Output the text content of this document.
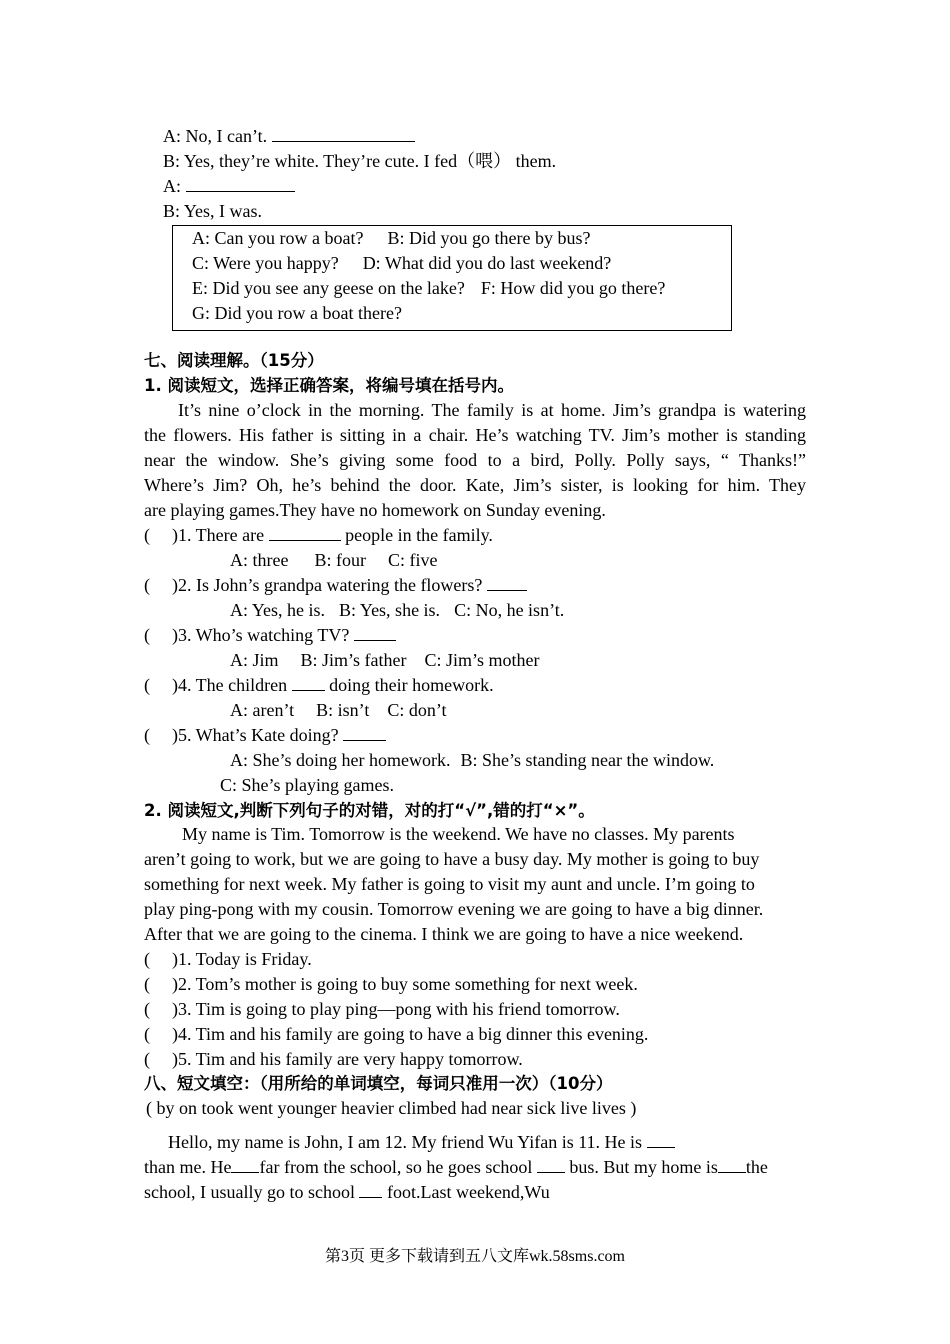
A: No, I can’t.
B: Yes, they’re white. They’re cute. I fed（喂） them.
A:
B: Yes, I was.
A: Can you row a boat? B: Did you go there by bus?
C: Were you happy? D: What did you do last weekend?
E: Did you see any geese on the lake? F: How did you go there?
G: Did you row a boat there?
七、阅读理解。（15分）
1. 阅读短文，选择正确答案，将编号填在括号内。
It’s nine o’clock in the morning. The family is at home. Jim’s grandpa is watering
the flowers. His father is sitting in a chair. He’s watching TV. Jim’s mother is standing
near the window. She’s giving some food to a bird, Polly. Polly says, “ Thanks!”
Where’s Jim? Oh, he’s behind the door. Kate, Jim’s sister, is looking for him. They
are playing games.They have no homework on Sunday evening.
( )1. There are	people in the family.
A: three B: four C: five
( )2. Is John’s grandpa watering the flowers?
A: Yes, he is. B: Yes, she is. C: No, he isn’t.
( )3. Who’s watching TV?
A: Jim B: Jim’s father C: Jim’s mother
( )4. The children doing their homework.
A: aren’t B: isn’t C: don’t
( )5. What’s Kate doing?
A: She’s doing her homework. B: She’s standing near the window.
C: She’s playing games.
2. 阅读短文,判断下列句子的对错，对的打“√”,错的打“×”。
My name is Tim. Tomorrow is the weekend. We have no classes. My parents
aren’t going to work, but we are going to have a busy day. My mother is going to buy
something for next week. My father is going to visit my aunt and uncle. I’m going to
play ping-pong with my cousin. Tomorrow evening we are going to have a big dinner.
After that we are going to the cinema. I think we are going to have a nice weekend.
( )1. Today is Friday.
( )2. Tom’s mother is going to buy some something for next week.
( )3. Tim is going to play ping—pong with his friend tomorrow.
( )4. Tim and his family are going to have a big dinner this evening.
( )5. Tim and his family are very happy tomorrow.
八、短文填空：（用所给的单词填空，每词只准用一次）（10分）
( by on took went younger heavier climbed had near sick live lives )
Hello, my name is John, I am 12. My friend Wu Yifan is 11. He is
than me. He far from the school, so he goes school bus. But my home is the
school, I usually go to school foot.Last weekend,Wu
第3页 更多下载请到五八文库wk.58sms.com
